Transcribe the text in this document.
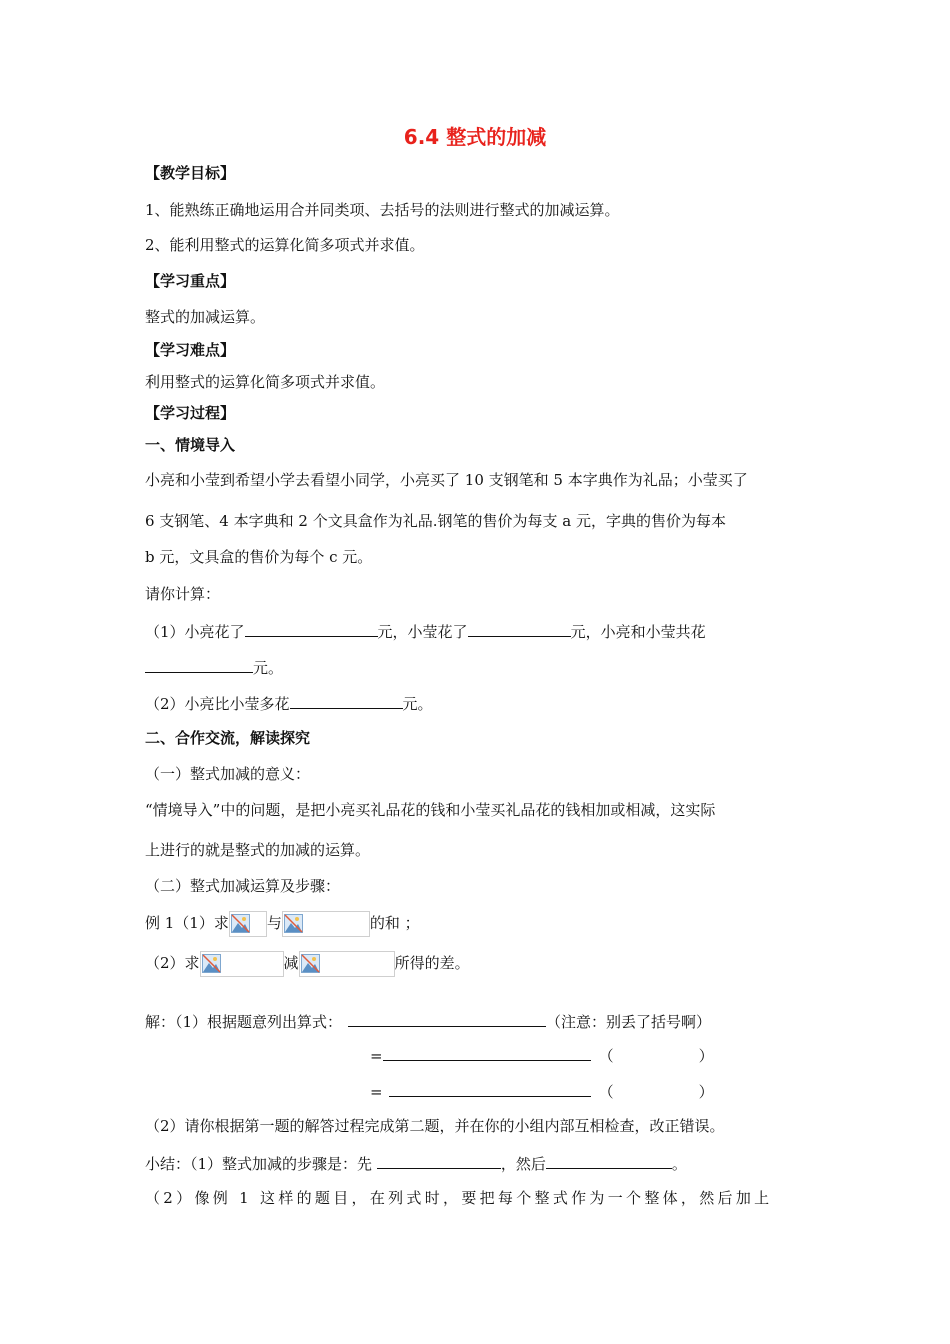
6.4 整式的加减
【教学目标】
1、能熟练正确地运用合并同类项、去括号的法则进行整式的加减运算。
2、能利用整式的运算化简多项式并求值。
【学习重点】
整式的加减运算。
【学习难点】
利用整式的运算化简多项式并求值。
【学习过程】
一、情境导入
小亮和小莹到希望小学去看望小同学，小亮买了 10 支钢笔和 5 本字典作为礼品；小莹买了
6 支钢笔、4 本字典和 2 个文具盒作为礼品.钢笔的售价为每支 a 元，字典的售价为每本
b 元，文具盒的售价为每个 c 元。
请你计算：
（1）小亮花了	元，小莹花了	元，小亮和小莹共花
元。
（2）小亮比小莹多花	元。
二、合作交流，解读探究
（一）整式加减的意义：
“情境导入”中的问题，是把小亮买礼品花的钱和小莹买礼品花的钱相加或相减，这实际
上进行的就是整式的加减的运算。
（二）整式加减运算及步骤：
例 1（1）求	与	的和 ；
（2）求	减	所得的差。
解：（1）根据题意列出算式：	（注意：别丢了括号啊）
=	（	）
=	（	）
（2）请你根据第一题的解答过程完成第二题，并在你的小组内部互相检查，改正错误。
小结：（1）整式加减的步骤是：先	，然后	。
（2）像例 1 这样的题目，在列式时，要把每个整式作为一个整体，然后加上
